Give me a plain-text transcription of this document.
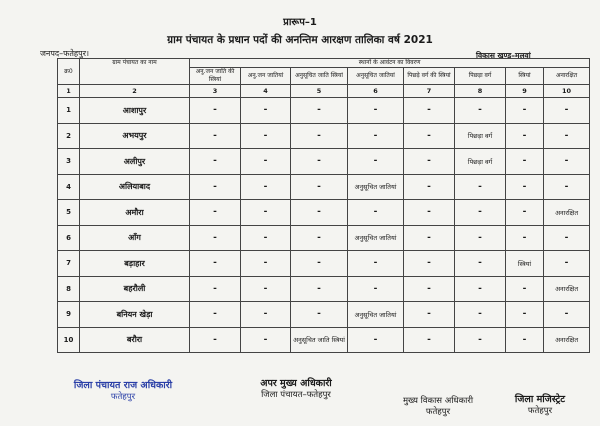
प्रारूप–1
ग्राम पंचायत के प्रधान पदों की अनन्तिम आरक्षण तालिका वर्ष 2021
जनपद–फतेहपुर।	विकास खण्ड–मलवां
क्र0	ग्राम पंचायत का नाम	स्थानों के आवंटन का विवरण							
		अनु.जन जाति की स्त्रियां	अनु.जन जातियां	अनुसूचित जाति स्त्रियां	अनुसूचित जातियां	पिछड़े वर्ग की स्त्रियां	पिछड़ा वर्ग	स्त्रियां	अनारक्षित
1	2	3	4	5	6	7	8	9	10
1	आशापुर	-	-	-	-	-	-	-	-
2	अभयपुर	-	-	-	-	-	पिछड़ा वर्ग	-	-
3	अलीपुर	-	-	-	-	-	पिछड़ा वर्ग	-	-
4	अलियाबाद	-	-	-	अनुसूचित जातियां	-	-	-	-
5	अमौरा	-	-	-	-	-	-	-	अनारक्षित
6	आँग	-	-	-	अनुसूचित जातियां	-	-	-	-
7	बड़ाहार	-	-	-	-	-	-	स्त्रियां	-
8	बहरौली	-	-	-	-	-	-	-	अनारक्षित
9	बनियन खेड़ा	-	-	-	अनुसूचित जातियां	-	-	-	-
10	बरौरा	-	-	अनुसूचित जाति स्त्रियां	-	-	-	-	अनारक्षित
जिला पंचायत राज अधिकारी
फतेहपुर
अपर मुख्य अधिकारी
जिला पंचायत–फतेहपुर
मुख्य विकास अधिकारी
फतेहपुर
जिला मजिस्ट्रेट
फतेहपुर
